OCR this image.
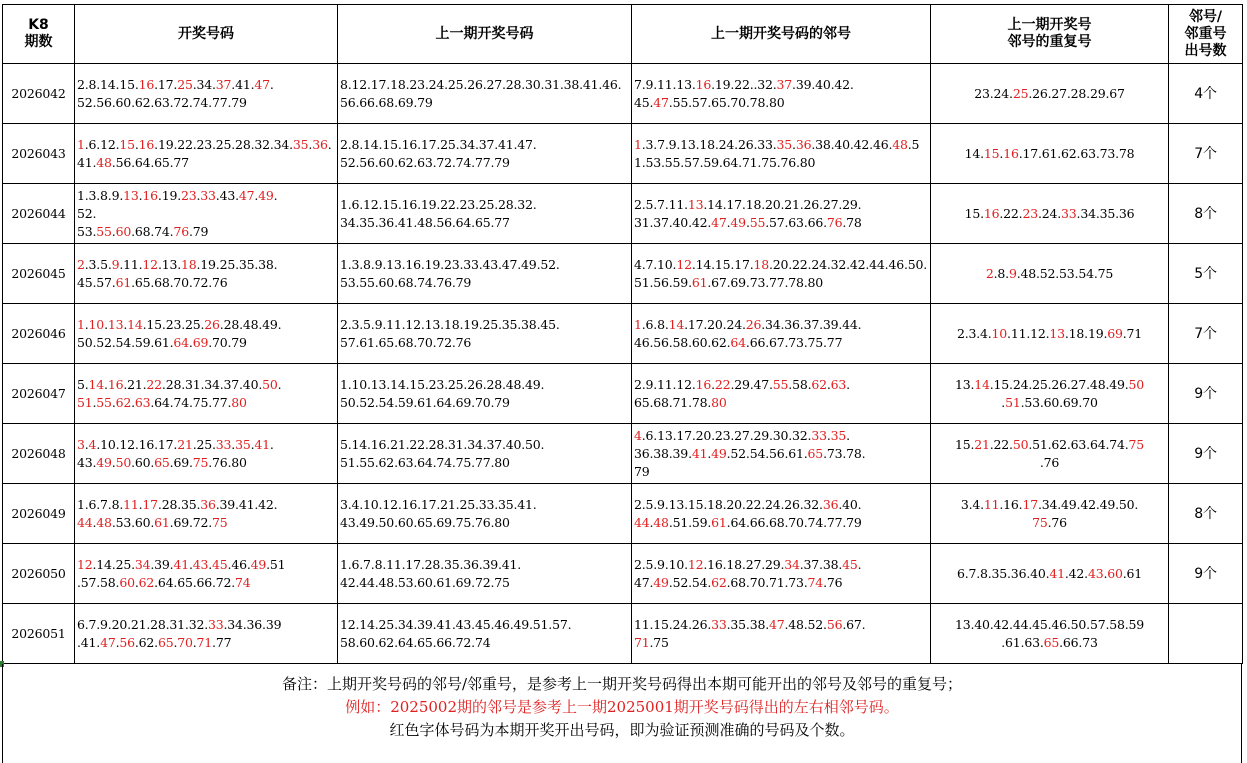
K8
期数	开奖号码	上一期开奖号码	上一期开奖号码的邻号	上一期开奖号
邻号的重复号	邻号/
邻重号
出号数
2026042	2.8.14.15.16.17.25.34.37.41.47.
52.56.60.62.63.72.74.77.79	8.12.17.18.23.24.25.26.27.28.30.31.38.41.46.56.66.68.69.79	7.9.11.13.16.19.22..32.37.39.40.42.
45.47.55.57.65.70.78.80	23.24.25.26.27.28.29.67	4个
2026043	1.6.12.15.16.19.22.23.25.28.32.34.35.36.41.48.56.64.65.77	2.8.14.15.16.17.25.34.37.41.47.
52.56.60.62.63.72.74.77.79	1.3.7.9.13.18.24.26.33.35.36.38.40.42.46.48.51.53.55.57.59.64.71.75.76.80	14.15.16.17.61.62.63.73.78	7个
2026044	1.3.8.9.13.16.19.23.33.43.47.49.
52.
53.55.60.68.74.76.79	1.6.12.15.16.19.22.23.25.28.32.
34.35.36.41.48.56.64.65.77	2.5.7.11.13.14.17.18.20.21.26.27.29.
31.37.40.42.47.49.55.57.63.66.76.78	15.16.22.23.24.33.34.35.36	8个
2026045	2.3.5.9.11.12.13.18.19.25.35.38.
45.57.61.65.68.70.72.76	1.3.8.9.13.16.19.23.33.43.47.49.52.
53.55.60.68.74.76.79	4.7.10.12.14.15.17.18.20.22.24.32.42.44.46.50.51.56.59.61.67.69.73.77.78.80	2.8.9.48.52.53.54.75	5个
2026046	1.10.13.14.15.23.25.26.28.48.49.
50.52.54.59.61.64.69.70.79	2.3.5.9.11.12.13.18.19.25.35.38.45.
57.61.65.68.70.72.76	1.6.8.14.17.20.24.26.34.36.37.39.44.
46.56.58.60.62.64.66.67.73.75.77	2.3.4.10.11.12.13.18.19.69.71	7个
2026047	5.14.16.21.22.28.31.34.37.40.50.
51.55.62.63.64.74.75.77.80	1.10.13.14.15.23.25.26.28.48.49.
50.52.54.59.61.64.69.70.79	2.9.11.12.16.22.29.47.55.58.62.63.
65.68.71.78.80	13.14.15.24.25.26.27.48.49.50
.51.53.60.69.70	9个
2026048	3.4.10.12.16.17.21.25.33.35.41.
43.49.50.60.65.69.75.76.80	5.14.16.21.22.28.31.34.37.40.50.
51.55.62.63.64.74.75.77.80	4.6.13.17.20.23.27.29.30.32.33.35.
36.38.39.41.49.52.54.56.61.65.73.78.
79	15.21.22.50.51.62.63.64.74.75
.76	9个
2026049	1.6.7.8.11.17.28.35.36.39.41.42.
44.48.53.60.61.69.72.75	3.4.10.12.16.17.21.25.33.35.41.
43.49.50.60.65.69.75.76.80	2.5.9.13.15.18.20.22.24.26.32.36.40.
44.48.51.59.61.64.66.68.70.74.77.79	3.4.11.16.17.34.49.42.49.50.
75.76	8个
2026050	12.14.25.34.39.41.43.45.46.49.51
.57.58.60.62.64.65.66.72.74	1.6.7.8.11.17.28.35.36.39.41.
42.44.48.53.60.61.69.72.75	2.5.9.10.12.16.18.27.29.34.37.38.45.
47.49.52.54.62.68.70.71.73.74.76	6.7.8.35.36.40.41.42.43.60.61	9个
2026051	6.7.9.20.21.28.31.32.33.34.36.39
.41.47.56.62.65.70.71.77	12.14.25.34.39.41.43.45.46.49.51.57.
58.60.62.64.65.66.72.74	11.15.24.26.33.35.38.47.48.52.56.67.
71.75	13.40.42.44.45.46.50.57.58.59
.61.63.65.66.73	
备注：上期开奖号码的邻号/邻重号，是参考上一期开奖号码得出本期可能开出的邻号及邻号的重复号；
例如：2025002期的邻号是参考上一期2025001期开奖号码得出的左右相邻号码。
红色字体号码为本期开奖开出号码，即为验证预测准确的号码及个数。
